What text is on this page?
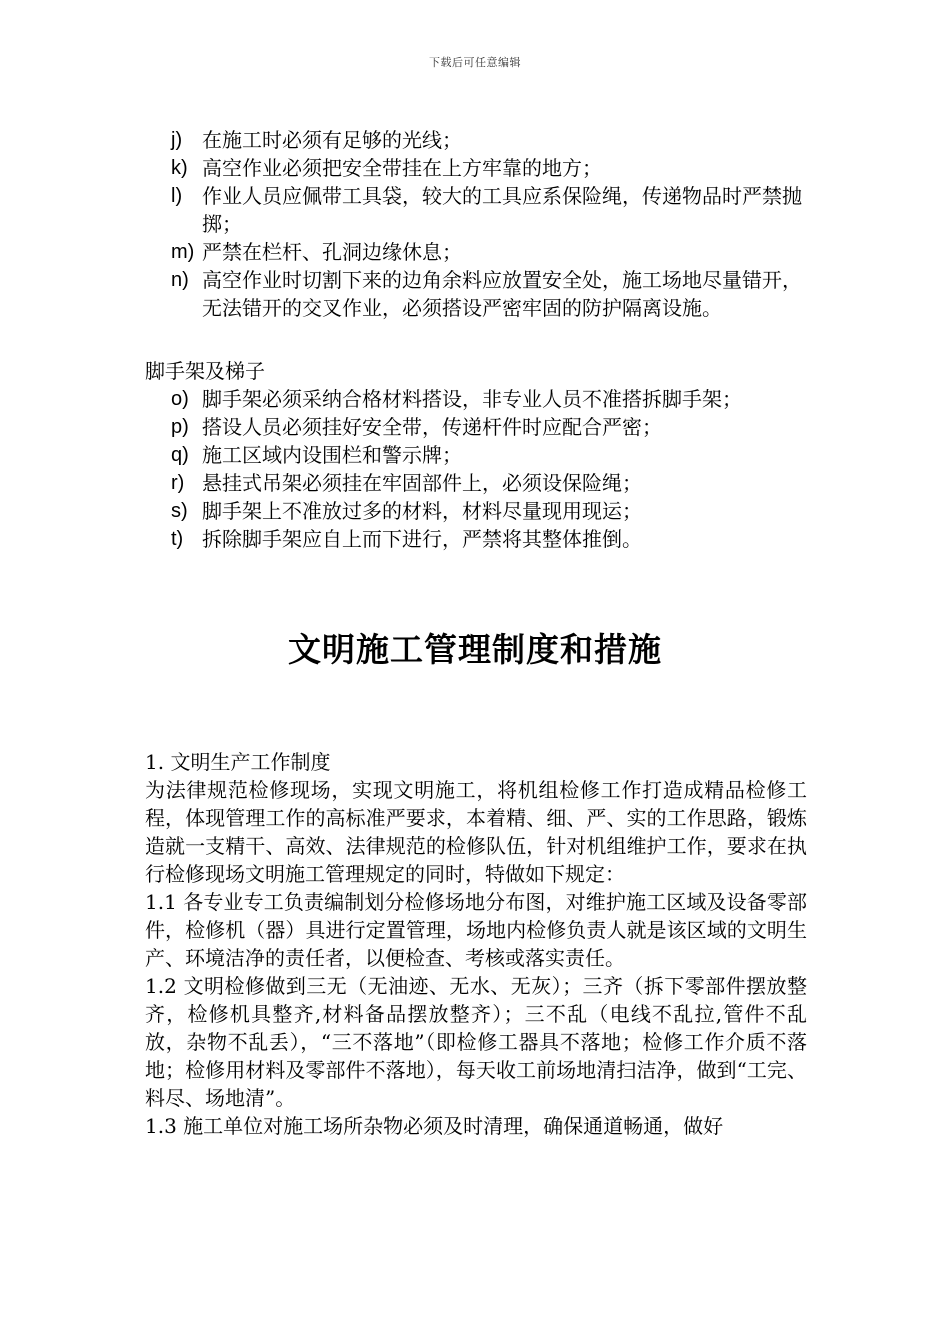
下载后可任意编辑
j) 在施工时必须有足够的光线；
k) 高空作业必须把安全带挂在上方牢靠的地方；
l) 作业人员应佩带工具袋，较大的工具应系保险绳，传递物品时严禁抛掷；
m) 严禁在栏杆、孔洞边缘休息；
n) 高空作业时切割下来的边角余料应放置安全处，施工场地尽量错开，无法错开的交叉作业，必须搭设严密牢固的防护隔离设施。
脚手架及梯子
o) 脚手架必须采纳合格材料搭设，非专业人员不准搭拆脚手架；
p) 搭设人员必须挂好安全带，传递杆件时应配合严密；
q) 施工区域内设围栏和警示牌；
r) 悬挂式吊架必须挂在牢固部件上，必须设保险绳；
s) 脚手架上不准放过多的材料，材料尽量现用现运；
t) 拆除脚手架应自上而下进行，严禁将其整体推倒。
文明施工管理制度和措施

1. 文明生产工作制度

为法律规范检修现场，实现文明施工，将机组检修工作打造成精品检修工程，体现管理工作的高标准严要求，本着精、细、严、实的工作思路，锻炼造就一支精干、高效、法律规范的检修队伍，针对机组维护工作，要求在执行检修现场文明施工管理规定的同时，特做如下规定：

1.1 各专业专工负责编制划分检修场地分布图，对维护施工区域及设备零部件，检修机（器）具进行定置管理，场地内检修负责人就是该区域的文明生产、环境洁净的责任者，以便检查、考核或落实责任。

1.2 文明检修做到三无（无油迹、无水、无灰）；三齐（拆下零部件摆放整齐，检修机具整齐,材料备品摆放整齐）；三不乱（电线不乱拉,管件不乱放，杂物不乱丢），“三不落地”（即检修工器具不落地；检修工作介质不落地；检修用材料及零部件不落地），每天收工前场地清扫洁净，做到“工完、料尽、场地清”。

1.3 施工单位对施工场所杂物必须及时清理，确保通道畅通，做好
